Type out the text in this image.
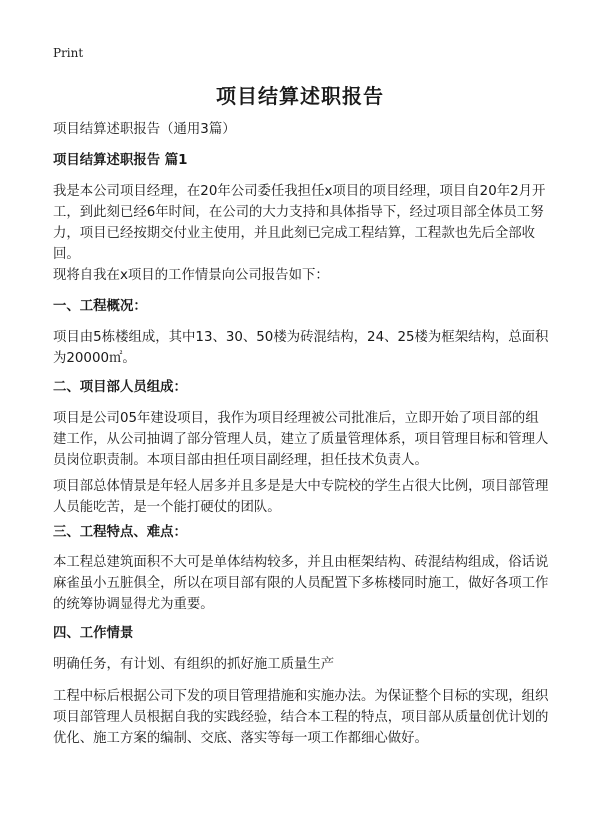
Print
项目结算述职报告
项目结算述职报告（通用3篇）
项目结算述职报告 篇1
我是本公司项目经理，在20年公司委任我担任x项目的项目经理，项目自20年2月开工，到此刻已经6年时间，在公司的大力支持和具体指导下，经过项目部全体员工努力，项目已经按期交付业主使用，并且此刻已完成工程结算，工程款也先后全部收回。
现将自我在x项目的工作情景向公司报告如下：
一、工程概况：
项目由5栋楼组成，其中13、30、50楼为砖混结构，24、25楼为框架结构，总面积为20000㎡。
二、项目部人员组成：
项目是公司05年建设项目，我作为项目经理被公司批准后，立即开始了项目部的组建工作，从公司抽调了部分管理人员，建立了质量管理体系，项目管理目标和管理人员岗位职责制。本项目部由担任项目副经理，担任技术负责人。
项目部总体情景是年轻人居多并且多是是大中专院校的学生占很大比例，项目部管理人员能吃苦，是一个能打硬仗的团队。
三、工程特点、难点：
本工程总建筑面积不大可是单体结构较多，并且由框架结构、砖混结构组成，俗话说麻雀虽小五脏俱全，所以在项目部有限的人员配置下多栋楼同时施工，做好各项工作的统筹协调显得尤为重要。
四、工作情景
明确任务，有计划、有组织的抓好施工质量生产
工程中标后根据公司下发的项目管理措施和实施办法。为保证整个目标的实现，组织项目部管理人员根据自我的实践经验，结合本工程的特点，项目部从质量创优计划的优化、施工方案的编制、交底、落实等每一项工作都细心做好。
